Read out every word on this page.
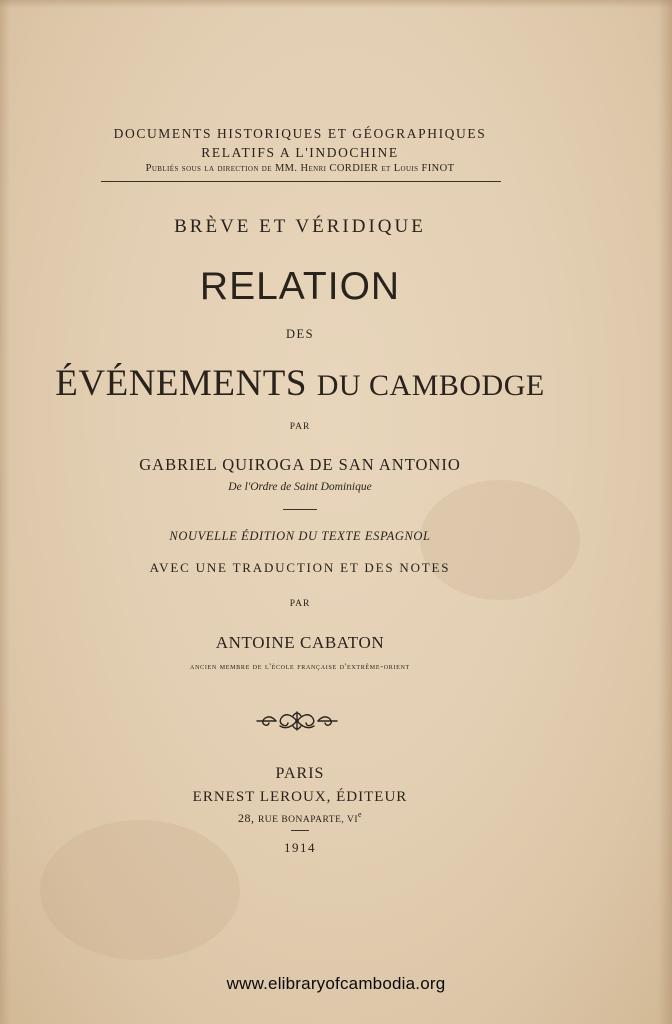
DOCUMENTS HISTORIQUES ET GÉOGRAPHIQUES
RELATIFS A L'INDOCHINE
Publiés sous la direction de MM. Henri CORDIER et Louis FINOT
BRÈVE ET VÉRIDIQUE
RELATION
DES
ÉVÉNEMENTS DU CAMBODGE
PAR
GABRIEL QUIROGA DE SAN ANTONIO
De l'Ordre de Saint Dominique
NOUVELLE ÉDITION DU TEXTE ESPAGNOL
AVEC UNE TRADUCTION ET DES NOTES
PAR
ANTOINE CABATON
ancien membre de l'école française d'extrême-orient
PARIS
ERNEST LEROUX, ÉDITEUR
28, RUE BONAPARTE, VIe
1914
www.elibraryofcambodia.org
